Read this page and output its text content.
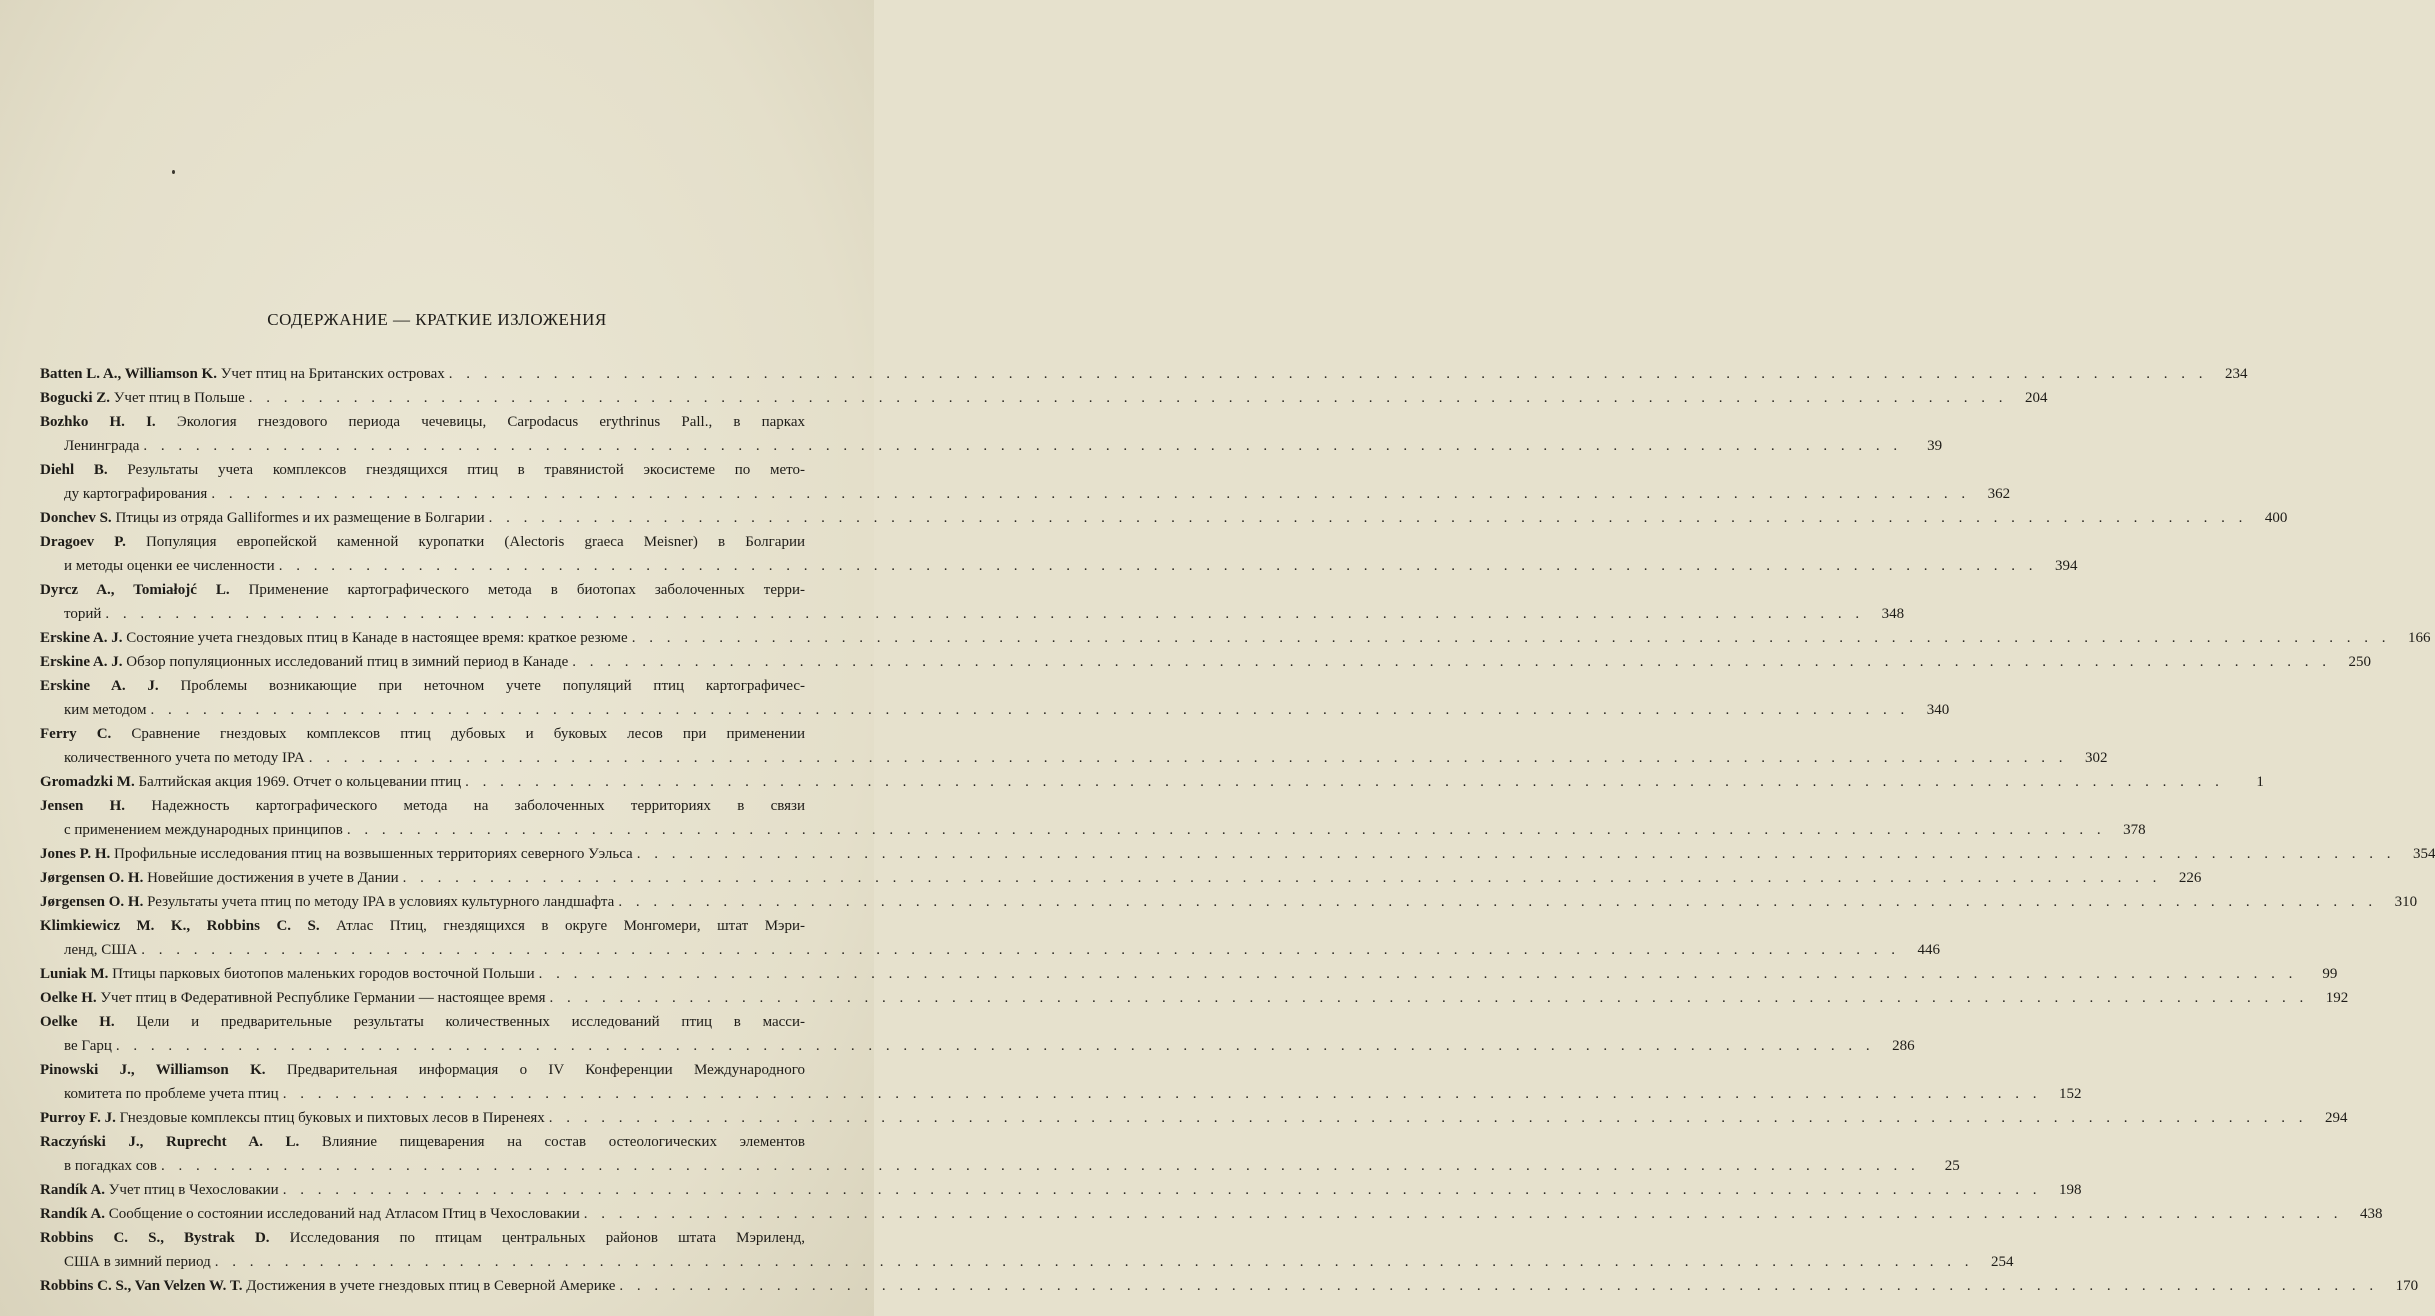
СОДЕРЖАНИЕ — КРАТКИЕ ИЗЛОЖЕНИЯ
Batten L. A., Williamson K. Учет птиц на Британских островах . . .	234
Bogucki Z. Учет птиц в Польше . . .	204
Bozhko H. I. Экология гнездового периода чечевицы, Carpodacus erythrinus Pall., в парках
Ленинграда . . .	39
Diehl B. Результаты учета комплексов гнездящихся птиц в травянистой экосистеме по мето-
ду картографирования . . .	362
Donchev S. Птицы из отряда Galliformes и их размещение в Болгарии . . .	400
Dragoev P. Популяция европейской каменной куропатки (Alectoris graeca Meisner) в Болгарии
и методы оценки ее численности . . .	394
Dyrcz A., Tomiałojć L. Применение картографического метода в биотопах заболоченных терри-
торий . . .	348
Erskine A. J. Состояние учета гнездовых птиц в Канаде в настоящее время: краткое резюме . . .	166
Erskine A. J. Обзор популяционных исследований птиц в зимний период в Канаде . . .	250
Erskine A. J. Проблемы возникающие при неточном учете популяций птиц картографичес-
ким методом . . .	340
Ferry C. Сравнение гнездовых комплексов птиц дубовых и буковых лесов при применении
количественного учета по методу IPA . . .	302
Gromadzki M. Балтийская акция 1969. Отчет о кольцевании птиц . . .	1
Jensen H. Надежность картографического метода на заболоченных территориях в связи
с применением международных принципов . . .	378
Jones P. H. Профильные исследования птиц на возвышенных территориях северного Уэльса . . .	354
Jørgensen O. H. Новейшие достижения в учете в Дании . . .	226
Jørgensen O. H. Результаты учета птиц по методу IPA в условиях культурного ландшафта . . .	310
Klimkiewicz M. K., Robbins C. S. Атлас Птиц, гнездящихся в округе Монгомери, штат Мэри-
ленд, США . . .	446
Luniak M. Птицы парковых биотопов маленьких городов восточной Польши . . .	99
Oelke H. Учет птиц в Федеративной Республике Германии — настоящее время . . .	192
Oelke H. Цели и предварительные результаты количественных исследований птиц в масси-
ве Гарц . . .	286
Pinowski J., Williamson K. Предварительная информация о IV Конференции Международного
комитета по проблеме учета птиц . . .	152
Purroy F. J. Гнездовые комплексы птиц буковых и пихтовых лесов в Пиренеях . . .	294
Raczyński J., Ruprecht A. L. Влияние пищеварения на состав остеологических элементов
в погадках сов . . .	25
Randík A. Учет птиц в Чехословакии . . .	198
Randík A. Сообщение о состоянии исследований над Атласом Птиц в Чехословакии . . .	438
Robbins C. S., Bystrak D. Исследования по птицам центральных районов штата Мэриленд,
США в зимний период . . .	254
Robbins C. S., Van Velzen W. T. Достижения в учете гнездовых птиц в Северной Америке . . .	170
